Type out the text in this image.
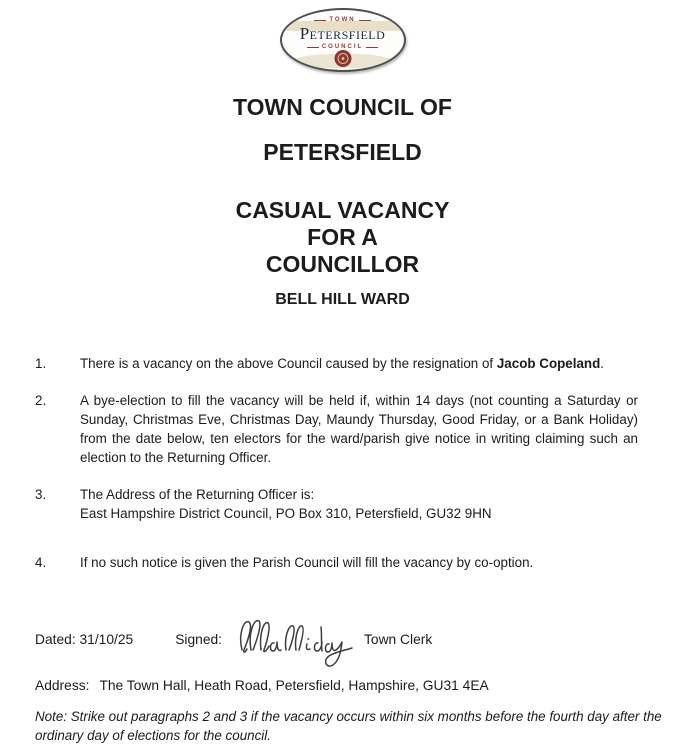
TOWN
Petersfield
COUNCIL
TOWN COUNCIL OF
PETERSFIELD
CASUAL VACANCY
FOR A
COUNCILLOR
BELL HILL WARD
1.	There is a vacancy on the above Council caused by the resignation of Jacob Copeland.
2.	A bye-election to fill the vacancy will be held if, within 14 days (not counting a Saturday or Sunday, Christmas Eve, Christmas Day, Maundy Thursday, Good Friday, or a Bank Holiday) from the date below, ten electors for the ward/parish give notice in writing claiming such an election to the Returning Officer.
3.	The Address of the Returning Officer is:
East Hampshire District Council, PO Box 310, Petersfield, GU32 9HN
4.	If no such notice is given the Parish Council will fill the vacancy by co-option.
Dated: 31/10/25	Signed:	Town Clerk
Address: The Town Hall, Heath Road, Petersfield, Hampshire, GU31 4EA
Note: Strike out paragraphs 2 and 3 if the vacancy occurs within six months before the fourth day after the ordinary day of elections for the council.
